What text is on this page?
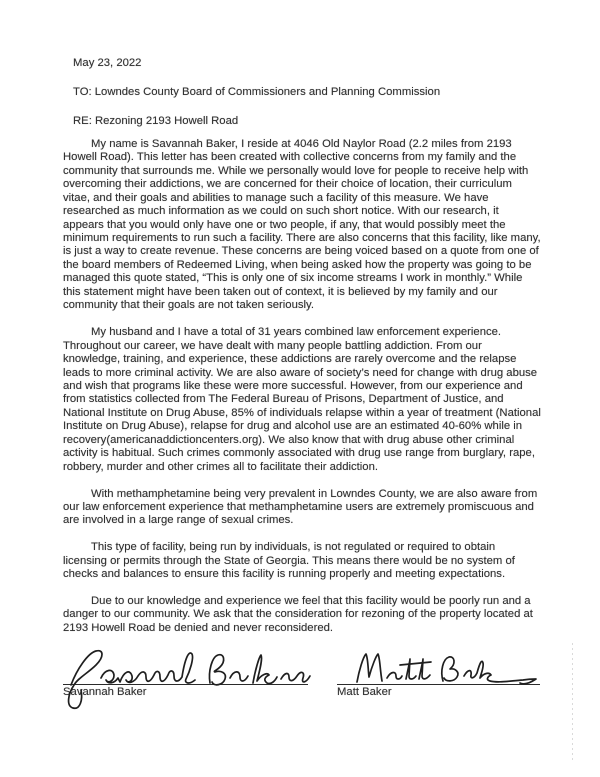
May 23, 2022
TO: Lowndes County Board of Commissioners and Planning Commission
RE: Rezoning 2193 Howell Road

My name is Savannah Baker, I reside at 4046 Old Naylor Road (2.2 miles from 2193 Howell Road). This letter has been created with collective concerns from my family and the community that surrounds me. While we personally would love for people to receive help with overcoming their addictions, we are concerned for their choice of location, their curriculum vitae, and their goals and abilities to manage such a facility of this measure. We have researched as much information as we could on such short notice. With our research, it appears that you would only have one or two people, if any, that would possibly meet the minimum requirements to run such a facility. There are also concerns that this facility, like many, is just a way to create revenue. These concerns are being voiced based on a quote from one of the board members of Redeemed Living, when being asked how the property was going to be managed this quote stated, “This is only one of six income streams I work in monthly.” While this statement might have been taken out of context, it is believed by my family and our community that their goals are not taken seriously.

My husband and I have a total of 31 years combined law enforcement experience. Throughout our career, we have dealt with many people battling addiction. From our knowledge, training, and experience, these addictions are rarely overcome and the relapse leads to more criminal activity. We are also aware of society’s need for change with drug abuse and wish that programs like these were more successful. However, from our experience and from statistics collected from The Federal Bureau of Prisons, Department of Justice, and National Institute on Drug Abuse, 85% of individuals relapse within a year of treatment (National Institute on Drug Abuse), relapse for drug and alcohol use are an estimated 40-60% while in recovery(americanaddictioncenters.org). We also know that with drug abuse other criminal activity is habitual. Such crimes commonly associated with drug use range from burglary, rape, robbery, murder and other crimes all to facilitate their addiction.

With methamphetamine being very prevalent in Lowndes County, we are also aware from our law enforcement experience that methamphetamine users are extremely promiscuous and are involved in a large range of sexual crimes.

This type of facility, being run by individuals, is not regulated or required to obtain licensing or permits through the State of Georgia. This means there would be no system of checks and balances to ensure this facility is running properly and meeting expectations.

Due to our knowledge and experience we feel that this facility would be poorly run and a danger to our community. We ask that the consideration for rezoning of the property located at 2193 Howell Road be denied and never reconsidered.

Savannah Baker	Matt Baker
